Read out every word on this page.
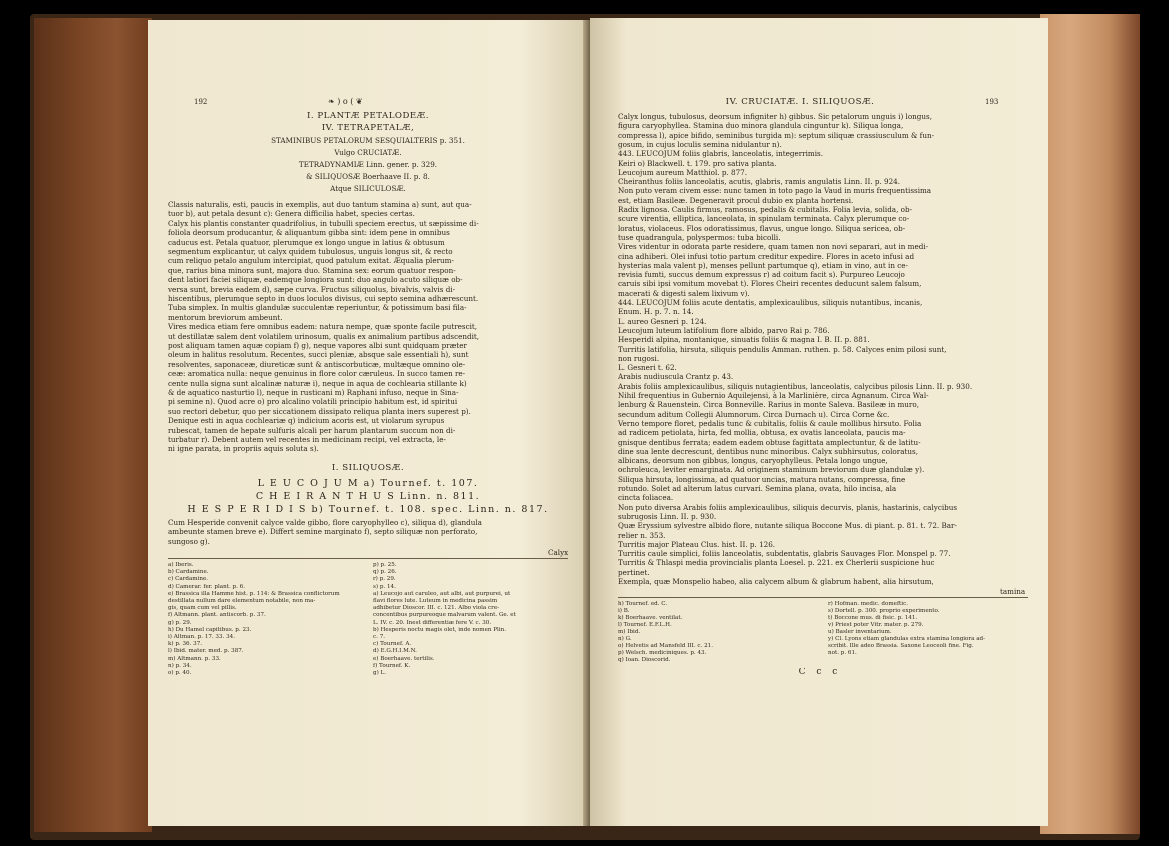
192	❧ ) o ( ❦
I. PLANTÆ PETALODEÆ.
IV. TETRAPETALÆ,
STAMINIBUS PETALORUM SESQUIALTERIS p. 351.
Vulgo CRUCIATÆ.
TETRADYNAMIÆ Linn. gener. p. 329.
& SILIQUOSÆ Boerhaave II. p. 8.
Atque SILICULOSÆ.
Classis naturalis, esti, paucis in exemplis, aut duo tantum stamina a) sunt, aut qua-
tuor b), aut petala desunt c): Genera difficilia habet, species certas.
Calyx his plantis constanter quadrifolius, in tubulli speciem erectus, ut sæpissime di-
foliola deorsum producantur, & aliquantum gibba sint: idem pene in omnibus
caducus est. Petala quatuor, plerumque ex longo ungue in latius & obtusum
segmentum explicantur, ut calyx quidem tubulosus, unguis longus sit, & recto
cum reliquo petalo angulum intercipiat, quod patulum exitat. Æqualia plerum-
que, rarius bina minora sunt, majora duo. Stamina sex: eorum quatuor respon-
dent latiori faciei siliquæ, eademque longiora sunt: duo angulo acuto siliquæ ob-
versa sunt, brevia eadem d), sæpe curva. Fructus siliquolus, bivalvis, valvis di-
hiscentibus, plerumque septo in duos loculos divisus, cui septo semina adhærescunt.
Tuba simplex. In multis glandulæ succulentæ reperiuntur, & potissimum basi fila-
mentorum breviorum ambeunt.
Vires medica etiam fere omnibus eadem: natura nempe, quæ sponte facile putrescit,
ut destillatæ salem dent volatilem urinosum, qualis ex animalium partibus adscendit,
post aliquam tamen aquæ copiam f) g), neque vapores albi sunt quidquam præter
oleum in halitus resolutum. Recentes, succi pleniæ, absque sale essentiali h), sunt
resolventes, saponaceæ, diureticæ sunt & antiscorbuticæ, multæque omnino ole-
ceæ: aromatica nulla: neque genuinus in flore color cæruleus. In succo tamen re-
cente nulla signa sunt alcalinæ naturæ i), neque in aqua de cochlearia stillante k)
& de aquatico nasturtio l), neque in rusticani m) Raphani infuso, neque in Sina-
pi semine n). Quod acre o) pro alcalino volatili principio habitum est, id spiritui
suo rectori debetur, quo per siccationem dissipato reliqua planta iners superest p).
Denique esti in aqua cochleariæ q) indicium acoris est, ut violarum syrupus
rubescat, tamen de hepate sulfuris alcali per harum plantarum succum non di-
turbatur r). Debent autem vel recentes in medicinam recipi, vel extracta, le-
ni igne parata, in propriis aquis soluta s).
I. SILIQUOSÆ.
L E U C O J U M a) Tournef. t. 107.
C H E I R A N T H U S Linn. n. 811.
H E S P E R I D I S b) Tournef. t. 108. spec. Linn. n. 817.
Cum Hesperide convenit calyce valde gibbo, flore caryophylleo c), siliqua d), glandula
ambeunte stamen breve e). Differt semine marginato f), septo siliquæ non perforato,
sungoso g).
Calyx
a) Iberis.
b) Cardamine.
c) Cardamine.
d) Camerar. fer. plant. p. 6.
e) Brassica illa Hamme hist. p. 114: & Brassica conflictorum
destillata nullum dare elementum notabile, non ma-
gis, quam cum vel pillis.
f) Altmann. plant. antiscorb. p. 37.
g) p. 29.
h) Du Hamel capitibus. p. 23.
i) Altman. p. 17. 33. 34.
k) p. 36. 37.
l) Ibid. mater. med. p. 387.
m) Altmann. p. 33.
n) p. 34.
o) p. 40.
p) p. 25.
q) p. 26.
r) p. 29.
s) p. 14.
a) Leucojo aut caruleo, aut albi, aut purpurei, ut
flavi flores lute. Luteum in medicina passim
adhibetur Dioscor. III. c. 121. Albo viola cre-
concentibus purpureoque malvarum valent. Ge. et
L. IV. c. 20. Inest differentiæ fere V. c. 30.
b) Hesperis noctu magis olet, inde nomen Plin.
c. 7.
c) Tournef. A.
d) E.G.H.I.M.N.
e) Boerhaave. tertilis.
f) Tournef. K.
g) L.
IV. CRUCIATÆ. I. SILIQUOSÆ.	193
Calyx longus, tubulosus, deorsum infigniter h) gibbus. Sic petalorum unguis i) longus,
figura caryophyllea. Stamina duo minora glandula cinguntur k). Siliqua longa,
compressa l), apice bifido, seminibus turgida m): septum siliquæ crassiusculum & fun-
gosum, in cujus loculis semina nidulantur n).
443. LEUCOJUM foliis glabris, lanceolatis, integerrimis.
Keiri o) Blackwell. t. 179. pro sativa planta.
Leucojum aureum Matthiol. p. 877.
Cheiranthus foliis lanceolatis, acutis, glabris, ramis angulatis Linn. II. p. 924.
Non puto veram civem esse: nunc tamen in toto pago la Vaud in muris frequentissima
est, etiam Basileæ. Degeneravit procul dubio ex planta hortensi.
Radix lignosa. Caulis firmus, ramosus, pedalis & cubitalis. Folia levia, solida, ob-
scure virentia, elliptica, lanceolata, in spinulam terminata. Calyx plerumque co-
loratus, violaceus. Flos odoratissimus, flavus, ungue longo. Siliqua sericea, ob-
tuse quadrangula, polyspermos: tuba bicolli.
Vires videntur in odorata parte residere, quam tamen non novi separari, aut in medi-
cina adhiberi. Olei infusi totio partum creditur expedire. Flores in aceto infusi ad
hysterias mala valent p), menses pellunt partumque q), etiam in vino, aut in ce-
revisia fumti, succus demum expressus r) ad coitum facit s). Purpureo Leucojo
caruis sibi ipsi vomitum movebat t). Flores Cheiri recentes deducunt salem falsum,
macerati & digesti salem lixivum v).
444. LEUCOJUM foliis acute dentatis, amplexicaulibus, siliquis nutantibus, incanis,
Enum. H. p. 7. n. 14.
L. aureo Gesneri p. 124.
Leucojum luteum latifolium flore albido, parvo Rai p. 786.
Hesperidi alpina, montanique, sinuatis foliis & magna I. B. II. p. 881.
Turritis latifolia, hirsuta, siliquis pendulis Amman. ruthen. p. 58. Calyces enim pilosi sunt,
non rugosi.
L. Gesneri t. 62.
Arabis nudiuscula Crantz p. 43.
Arabis foliis amplexicaulibus, siliquis nutagientibus, lanceolatis, calycibus pilosis Linn. II. p. 930.
Nihil frequentius in Gubernio Aquilejensi, à la Marlinière, circa Agnanum. Circa Wal-
lenburg & Rauenstein. Circa Bonneville. Rarius in monte Saleva. Basileæ in muro,
secundum aditum Collegii Alumnorum. Circa Durnach u). Circa Corne &c.
Verno tempore floret, pedalis tunc & cubitalis, foliis & caule mollibus hirsuto. Folia
ad radicem petiolata, hirta, fed mollia, obtusa, ex ovatis lanceolata, paucis ma-
gnisque dentibus ferrata; eadem eadem obtuse fagittata amplectuntur, & de latitu-
dine sua lente decrescunt, dentibus nunc minoribus. Calyx subhirsutus, coloratus,
albicans, deorsum non gibbus, longus, caryophylleus. Petala longo ungue,
ochroleuca, leviter emarginata. Ad originem staminum breviorum duæ glandulæ y).
Siliqua hirsuta, longissima, ad quatuor uncias, matura nutans, compressa, fine
rotundo. Solet ad alterum latus curvari. Semina plana, ovata, hilo incisa, ala
cincta foliacea.
Non puto diversa Arabis foliis amplexicaulibus, siliquis decurvis, planis, hastarinis, calycibus
subrugosis Linn. II. p. 930.
Quæ Eryssium sylvestre albido flore, nutante siliqua Boccone Mus. di piant. p. 81. t. 72. Bar-
relier n. 353.
Turritis major Plateau Clus. hist. II. p. 126.
Turritis caule simplici, foliis lanceolatis, subdentatis, glabris Sauvages Flor. Monspel p. 77.
Turritis & Thlaspi media provincialis planta Loesel. p. 221. ex Cherlerii suspicione huc
pertinet.
Exempla, quæ Monspelio habeo, alia calycem album & glabrum habent, alia hirsutum,
tamina
h) Tournef. ed. C.
i) B.
k) Boerhaave. ventilat.
l) Tournef. E.F.L.H.
m) Ibid.
n) G.
o) Helvetis ad Mansfeld III. c. 21.
p) Welsch. mediciniques. p. 43.
q) Ioan. Dioscorid.
r) Hofman. medic. domeftic.
s) Dortell. p. 300. proprio experimento.
t) Boccone mus. di fisic. p. 141.
v) Priest poter Vitr. mater. p. 279.
u) Basler inventarium.
y) Cl. Lyons etiam glandulas extra stamina longiora ad-
scribit. Ille adeo Brassia. Saxone Leoceoli fine. Fig.
not. p. 61.
C c c
